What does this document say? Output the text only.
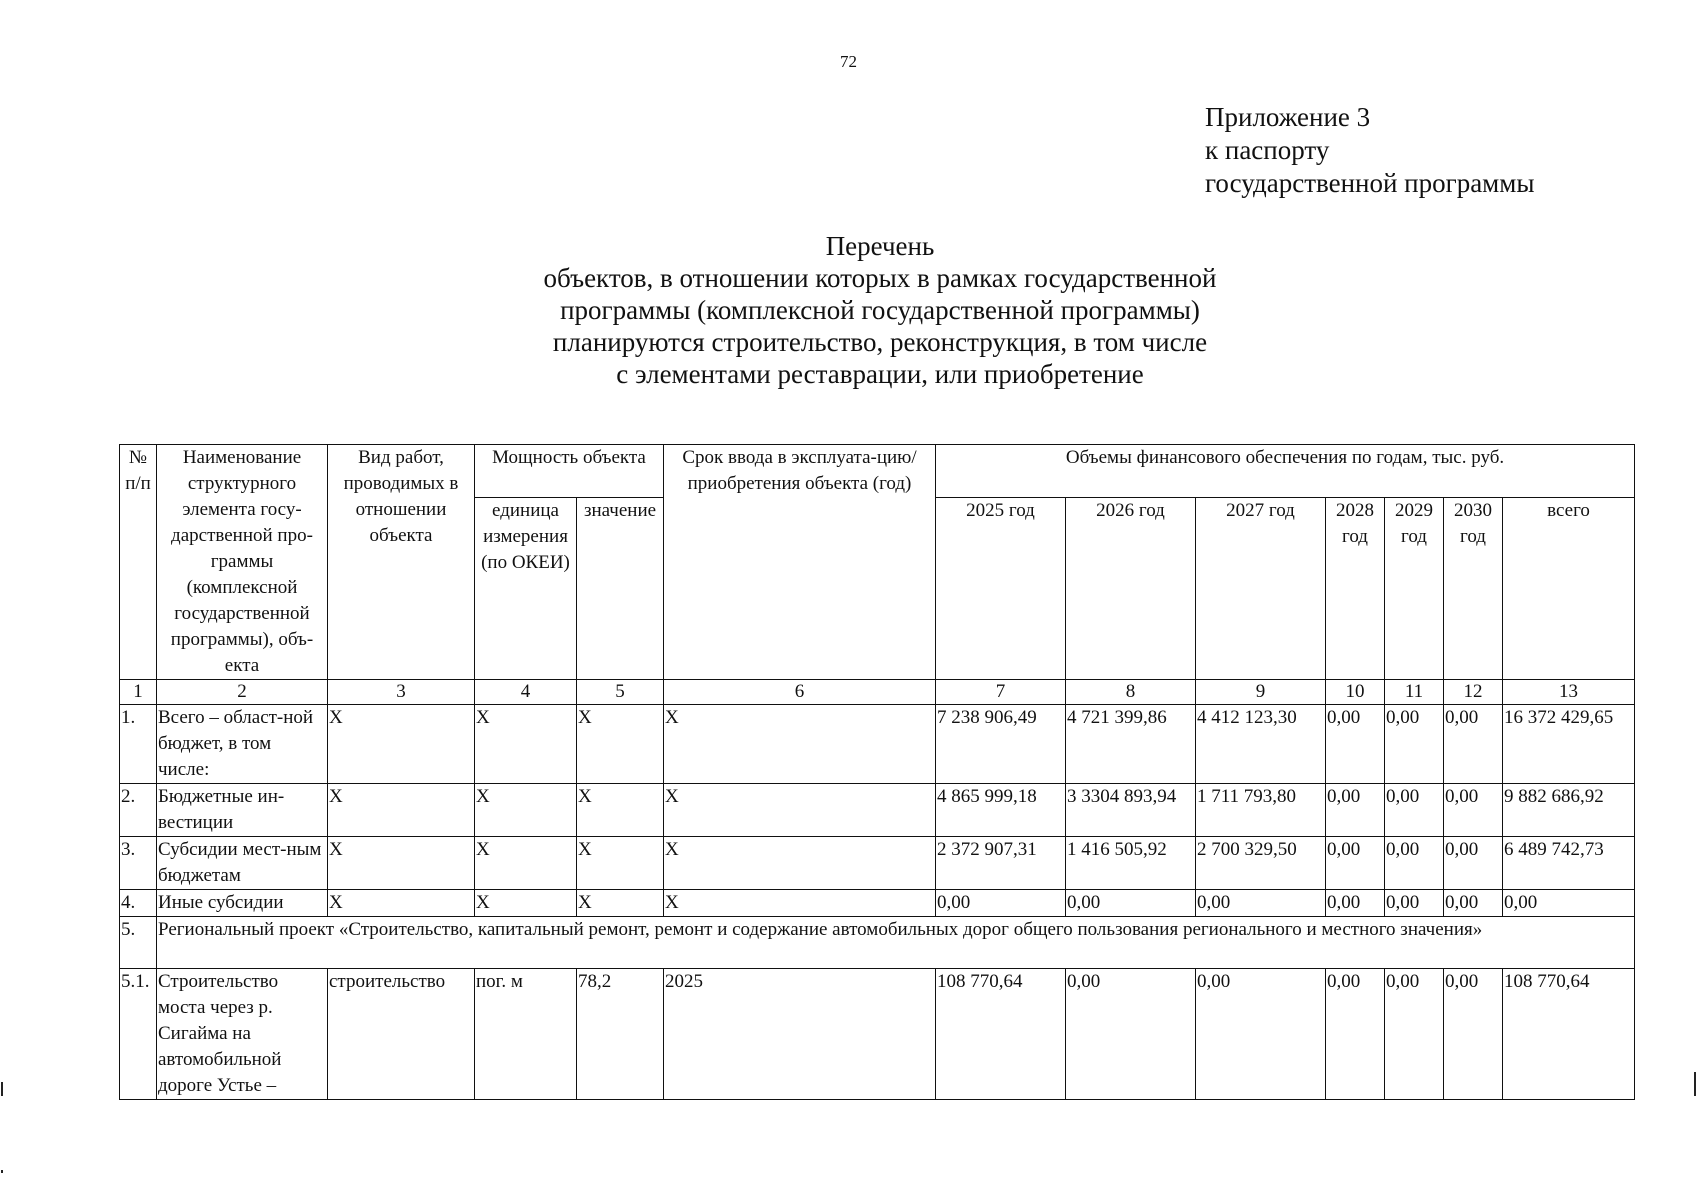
72
Приложение 3
к паспорту
государственной программы
Перечень
объектов, в отношении которых в рамках государственной
программы (комплексной государственной программы)
планируются строительство, реконструкция, в том числе
с элементами реставрации, или приобретение
№ п/п	Наименование структурного элемента госу-дарственной про-граммы (комплексной государственной программы), объ-екта	Вид работ, проводимых в отношении объекта	Мощность объекта		Срок ввода в эксплуата-цию/приобретения объекта (год)	Объемы финансового обеспечения по годам, тыс. руб.						
			единица измерения (по ОКЕИ)	значение		2025 год	2026 год	2027 год	2028 год	2029 год	2030 год	всего
1	2	3	4	5	6	7	8	9	10	11	12	13
1.	Всего – област-ной бюджет, в том числе:	X	X	X	X	7 238 906,49	4 721 399,86	4 412 123,30	0,00	0,00	0,00	16 372 429,65
2.	Бюджетные ин-вестиции	X	X	X	X	4 865 999,18	3 3304 893,94	1 711 793,80	0,00	0,00	0,00	9 882 686,92
3.	Субсидии мест-ным бюджетам	X	X	X	X	2 372 907,31	1 416 505,92	2 700 329,50	0,00	0,00	0,00	6 489 742,73
4.	Иные субсидии	X	X	X	X	0,00	0,00	0,00	0,00	0,00	0,00	0,00
5.	Региональный проект «Строительство, капитальный ремонт, ремонт и содержание автомобильных дорог общего пользования регионального и местного значения»											
5.1.	Строительство моста через р. Сигайма на автомобильной дороге Устье –	строительство	пог. м	78,2	2025	108 770,64	0,00	0,00	0,00	0,00	0,00	108 770,64
